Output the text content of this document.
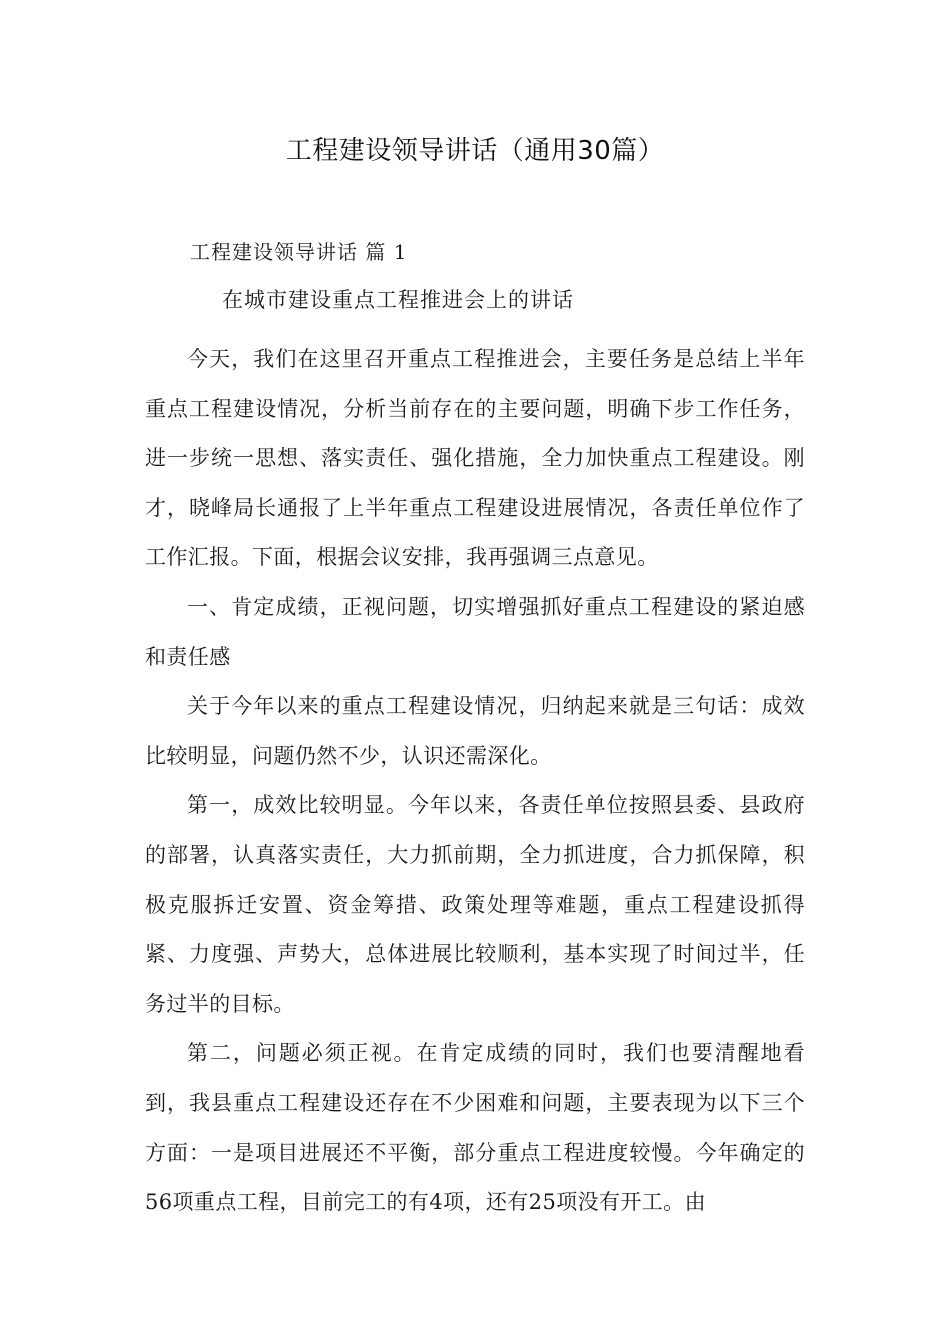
工程建设领导讲话（通用30篇）
工程建设领导讲话 篇 1
在城市建设重点工程推进会上的讲话

今天，我们在这里召开重点工程推进会，主要任务是总结上半年重点工程建设情况，分析当前存在的主要问题，明确下步工作任务，进一步统一思想、落实责任、强化措施，全力加快重点工程建设。刚才，晓峰局长通报了上半年重点工程建设进展情况，各责任单位作了工作汇报。下面，根据会议安排，我再强调三点意见。

一、肯定成绩，正视问题，切实增强抓好重点工程建设的紧迫感和责任感

关于今年以来的重点工程建设情况，归纳起来就是三句话：成效比较明显，问题仍然不少，认识还需深化。

第一，成效比较明显。今年以来，各责任单位按照县委、县政府的部署，认真落实责任，大力抓前期，全力抓进度，合力抓保障，积极克服拆迁安置、资金筹措、政策处理等难题，重点工程建设抓得紧、力度强、声势大，总体进展比较顺利，基本实现了时间过半，任务过半的目标。

第二，问题必须正视。在肯定成绩的同时，我们也要清醒地看到，我县重点工程建设还存在不少困难和问题，主要表现为以下三个方面：一是项目进展还不平衡，部分重点工程进度较慢。今年确定的56项重点工程，目前完工的有4项，还有25项没有开工。由
